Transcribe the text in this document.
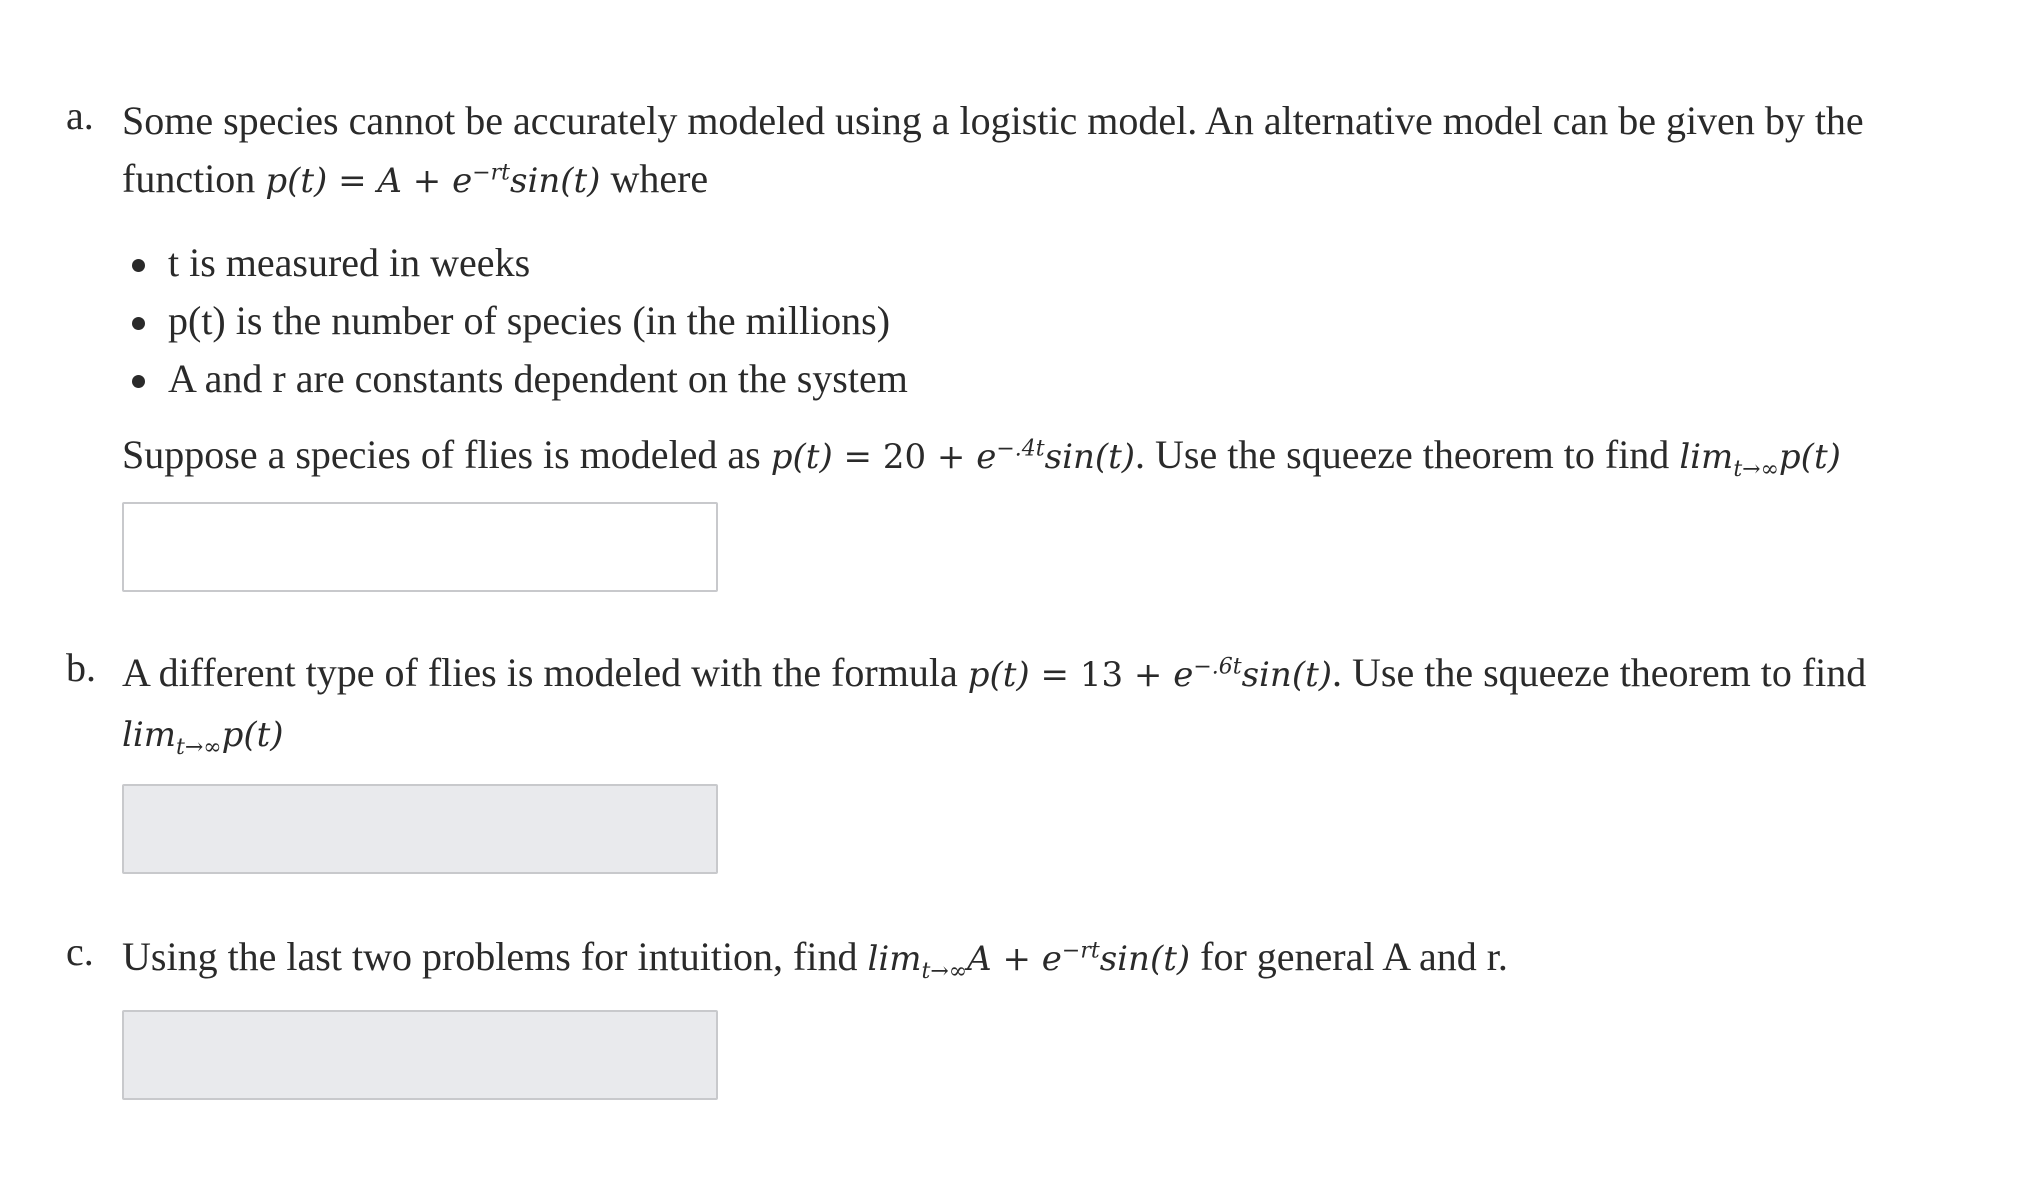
a. Some species cannot be accurately modeled using a logistic model. An alternative model can be given by the function $p(t) = A + e^{-rt}\sin(t)$ where
t is measured in weeks
p(t) is the number of species (in the millions)
A and r are constants dependent on the system
Suppose a species of flies is modeled as $p(t) = 20 + e^{-.4t}\sin(t)$. Use the squeeze theorem to find $\lim_{t\to\infty}p(t)$
b. A different type of flies is modeled with the formula $p(t) = 13 + e^{-.6t}\sin(t)$. Use the squeeze theorem to find $\lim_{t\to\infty}p(t)$
c. Using the last two problems for intuition, find $\lim_{t\to\infty}A + e^{-rt}\sin(t)$ for general A and r.
